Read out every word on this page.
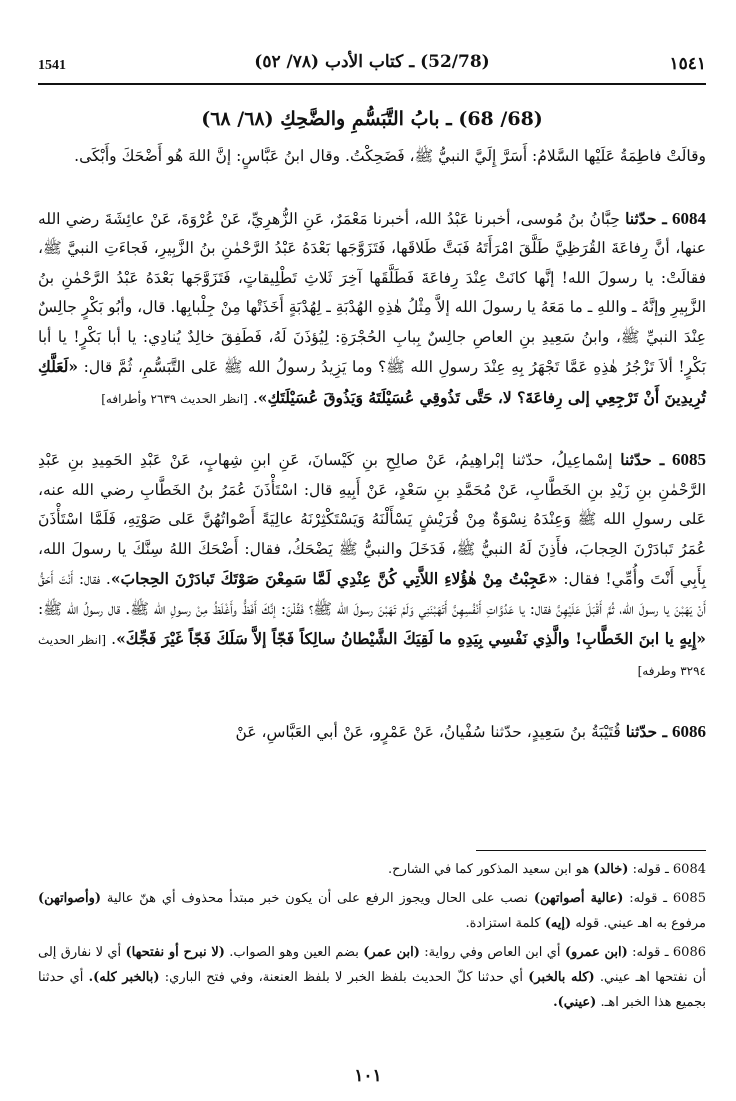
1541	(52/78) ـ كتاب الأدب (٧٨/ ٥٢)	١٥٤١
(68/ 68) ـ بابُ التَّبَسُّمِ والضَّحِكِ (٦٨/ ٦٨)

وقالَتْ فاطِمَةُ عَلَيْها السَّلامُ: أَسَرَّ إِلَيَّ النبيُّ ﷺ، فَضَحِكْتُ. وقال ابنُ عَبَّاسٍ: إنَّ اللهَ هُو أَضْحَكَ وأَبْكَى.

6084 ـ حدّثنا حِبَّانُ بنُ مُوسى، أخبرنا عَبْدُ الله، أخبرنا مَعْمَرٌ، عَنِ الزُّهرِيِّ، عَنْ عُرْوَةَ، عَنْ عائِشَةَ رضي الله عنها، أنَّ رِفاعَةَ القُرَظِيَّ طَلَّقَ امْرَأَتَهُ فَبَتَّ طَلاقَها، فَتَزَوَّجَها بَعْدَهُ عَبْدُ الرَّحْمٰنِ بنُ الزَّبِيرِ، فَجاءَتِ النبيَّ ﷺ، فقالَتْ: يا رسولَ الله! إنَّها كانَتْ عِنْدَ رِفاعَةَ فَطَلَّقَها آخِرَ ثَلاثِ تَطْلِيقاتٍ، فَتَزَوَّجَها بَعْدَهُ عَبْدُ الرَّحْمٰنِ بنُ الزَّبِيرِ وإنَّهُ ـ واللهِ ـ ما مَعَهُ يا رسولَ الله إلاَّ مِثْلُ هٰذِهِ الهُدْبَةِ ـ لِهُدْبَةٍ أَخَذَتْها مِنْ جِلْبابِها. قال، وأبُو بَكْرٍ جالِسٌ عِنْدَ النبيِّ ﷺ، وابنُ سَعِيدِ بنِ العاصِ جالِسٌ بِبابِ الحُجْرَةِ: لِيُؤذَنَ لَهُ، فَطَفِقَ خالِدٌ يُنادِي: يا أبا بَكْرٍ! يا أبا بَكْرٍ! ألاَ تَزْجُرُ هٰذِهِ عَمَّا تَجْهَرُ بِهِ عِنْدَ رسولِ الله ﷺ؟ وما يَزِيدُ رسولُ الله ﷺ عَلى التَّبَسُّمِ، ثُمَّ قال: «لَعَلَّكِ تُرِيدِينَ أَنْ تَرْجِعِي إلى رِفاعَةَ؟ لا، حَتَّى تَذُوقِي عُسَيْلَتَهُ وَيَذُوقَ عُسَيْلَتَكِ». [انظر الحديث ٢٦٣٩ وأطرافه]

6085 ـ حدّثنا إسْماعِيلُ، حدّثنا إبْراهِيمُ، عَنْ صالِحِ بنِ كَيْسانَ، عَنِ ابنِ شِهابٍ، عَنْ عَبْدِ الحَمِيدِ بنِ عَبْدِ الرَّحْمٰنِ بنِ زَيْدِ بنِ الخَطَّابِ، عَنْ مُحَمَّدِ بنِ سَعْدٍ، عَنْ أَبِيهِ قال: اسْتَأْذَنَ عُمَرُ بنُ الخَطَّابِ رضي الله عنه، عَلى رسولِ الله ﷺ وَعِنْدَهُ نِسْوَةٌ مِنْ قُرَيْشٍ يَسْأَلْنَهُ وَيَسْتَكْثِرْنَهُ عالِيَةً أَصْواتُهُنَّ عَلى صَوْتِهِ، فَلَمَّا اسْتَأْذَنَ عُمَرُ تَبادَرْنَ الحِجابَ، فأَذِنَ لَهُ النبيُّ ﷺ، فَدَخَلَ والنبيُّ ﷺ يَضْحَكُ، فقال: أَضْحَكَ اللهُ سِنَّكَ يا رسولَ الله، بِأَبِي أَنْتَ وأُمِّي! فقال: «عَجِبْتُ مِنْ هٰؤُلاءِ اللاَّتِي كُنَّ عِنْدِي لَمَّا سَمِعْنَ صَوْتَكَ تَبادَرْنَ الحِجابَ». فقال: أَنْتَ أَحَقُّ أَنْ يَهَبْنَ يا رسولَ الله، ثُمَّ أَقْبَلَ عَلَيْهِنَّ فقال: يا عَدُوَّاتِ أَنْفُسِهِنَّ أَتَهَبْنَنِي وَلَمْ تَهَبْنَ رسولَ الله ﷺ؟ فَقُلْنَ: إنَّكَ أَفَظُّ وأَغْلَظُ مِنْ رسولِ الله ﷺ. قال رسولُ الله ﷺ: «إِيهٍ يا ابنَ الخَطَّابِ! والَّذِي نَفْسِي بِيَدِهِ ما لَقِيَكَ الشَّيْطانُ سالِكاً فَجّاً إلاَّ سَلَكَ فَجّاً غَيْرَ فَجِّكَ». [انظر الحديث ٣٢٩٤ وطرفه]

6086 ـ حدّثنا قُتَيْبَةُ بنُ سَعِيدٍ، حدّثنا سُفْيانُ، عَنْ عَمْرٍو، عَنْ أبي العَبَّاسِ، عَنْ

6084 ـ قوله: (خالد) هو ابن سعيد المذكور كما في الشارح.

6085 ـ قوله: (عالية أصواتهن) نصب على الحال ويجوز الرفع على أن يكون خبر مبتدأ محذوف أي هنّ عالية (وأصواتهن) مرفوع به اهـ عيني. قوله (إيه) كلمة استزادة.

6086 ـ قوله: (ابن عمرو) أي ابن العاص وفي رواية: (ابن عمر) بضم العين وهو الصواب. (لا نبرح أو نفتحها) أي لا نفارق إلى أن نفتحها اهـ عيني. (كله بالخبر) أي حدثنا كلّ الحديث بلفظ الخبر لا بلفظ العنعنة، وفي فتح الباري: (بالخبر كله). أي حدثنا بجميع هذا الخبر اهـ. (عيني).

١٠١
